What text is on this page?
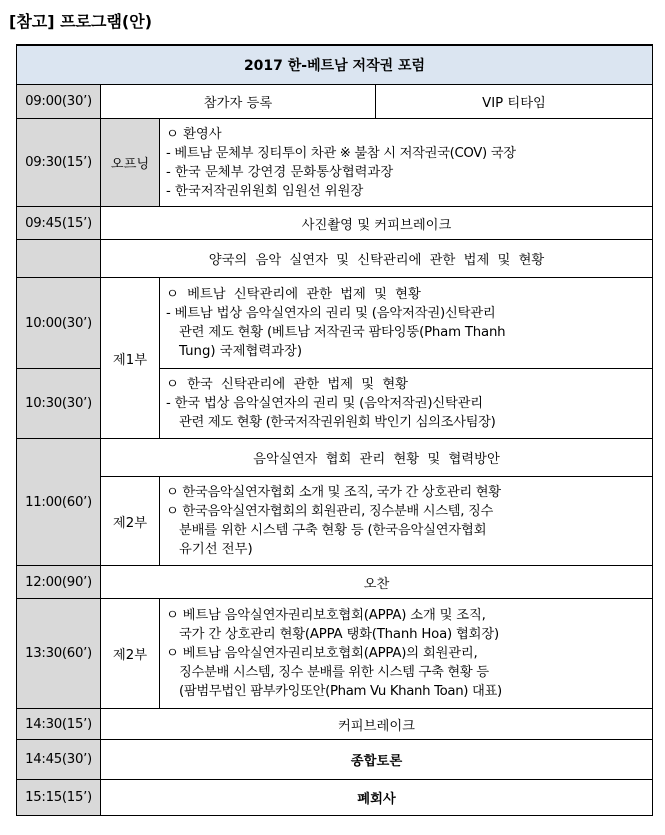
[참고] 프로그램(안)
2017 한-베트남 저작권 포럼			
09:00(30’)	참가자 등록		VIP 티타임
09:30(15’)	오프닝	ㅇ 환영사
- 베트남 문체부 징티투이 차관 ※ 불참 시 저작권국(COV) 국장
- 한국 문체부 강연경 문화통상협력과장
- 한국저작권위원회 임원선 위원장	

09:45(15’)	사진촬영 및 커피브레이크		
	양국의 음악 실연자 및 신탁관리에 관한 법제 및 현황		
10:00(30’)	제1부	ㅇ 베트남 신탁관리에 관한 법제 및 현황
- 베트남 법상 음악실연자의 권리 및 (음악저작권)신탁관리
관련 제도 현황 (베트남 저작권국 팜타잉뚱(Pham Thanh
Tung) 국제협력과장)	

10:30(30’)		ㅇ 한국 신탁관리에 관한 법제 및 현황
- 한국 법상 음악실연자의 권리 및 (음악저작권)신탁관리
관련 제도 현황 (한국저작권위원회 박인기 심의조사팀장)	

11:00(60’)	음악실연자 협회 관리 현황 및 협력방안		
	제2부	ㅇ 한국음악실연자협회 소개 및 조직, 국가 간 상호관리 현황
ㅇ 한국음악실연자협회의 회원관리, 징수분배 시스템, 징수
분배를 위한 시스템 구축 현황 등 (한국음악실연자협회
유기선 전무)	

12:00(90’)	오찬		
13:30(60’)	제2부	ㅇ 베트남 음악실연자권리보호협회(APPA) 소개 및 조직,
국가 간 상호관리 현황(APPA 탱화(Thanh Hoa) 협회장)
ㅇ 베트남 음악실연자권리보호협회(APPA)의 회원관리,
징수분배 시스템, 징수 분배를 위한 시스템 구축 현황 등
(팜범무법인 팜부카잉또안(Pham Vu Khanh Toan) 대표)	

14:30(15’)	커피브레이크		
14:45(30’)	종합토론		
15:15(15’)	폐회사		
